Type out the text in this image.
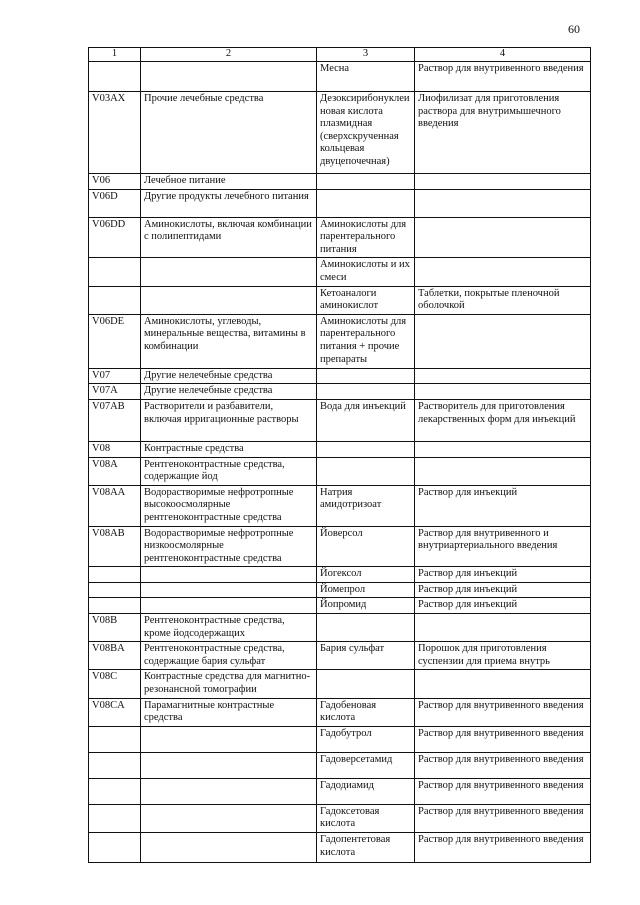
60
1	2	3	4
		Месна	Раствор для внутривенного введения
V03AX	Прочие лечебные средства	Дезоксирибонуклеиновая кислота плазмидная (сверхскрученная кольцевая двуцепочечная)	Лиофилизат для приготовления раствора для внутримышечного введения
V06	Лечебное питание		
V06D	Другие продукты лечебного питания		
V06DD	Аминокислоты, включая комбинации с полипептидами	Аминокислоты для парентерального питания	
		Аминокислоты и их смеси	
		Кетоаналоги аминокислот	Таблетки, покрытые пленочной оболочкой
V06DE	Аминокислоты, углеводы, минеральные вещества, витамины в комбинации	Аминокислоты для парентерального питания + прочие препараты	
V07	Другие нелечебные средства		
V07A	Другие нелечебные средства		
V07AB	Растворители и разбавители, включая ирригационные растворы	Вода для инъекций	Растворитель для приготовления лекарственных форм для инъекций
V08	Контрастные средства		
V08A	Рентгеноконтрастные средства, содержащие йод		
V08AA	Водорастворимые нефротропные высокоосмолярные рентгеноконтрастные средства	Натрия амидотризоат	Раствор для инъекций
V08AB	Водорастворимые нефротропные низкоосмолярные рентгеноконтрастные средства	Йоверсол	Раствор для внутривенного и внутриартериального введения
		Йогексол	Раствор для инъекций
		Йомепрол	Раствор для инъекций
		Йопромид	Раствор для инъекций
V08B	Рентгеноконтрастные средства, кроме йодсодержащих		
V08BA	Рентгеноконтрастные средства, содержащие бария сульфат	Бария сульфат	Порошок для приготовления суспензии для приема внутрь
V08C	Контрастные средства для магнитно-резонансной томографии		
V08CA	Парамагнитные контрастные средства	Гадобеновая кислота	Раствор для внутривенного введения
		Гадобутрол	Раствор для внутривенного введения
		Гадоверсетамид	Раствор для внутривенного введения
		Гадодиамид	Раствор для внутривенного введения
		Гадоксетовая кислота	Раствор для внутривенного введения
		Гадопентетовая кислота	Раствор для внутривенного введения
